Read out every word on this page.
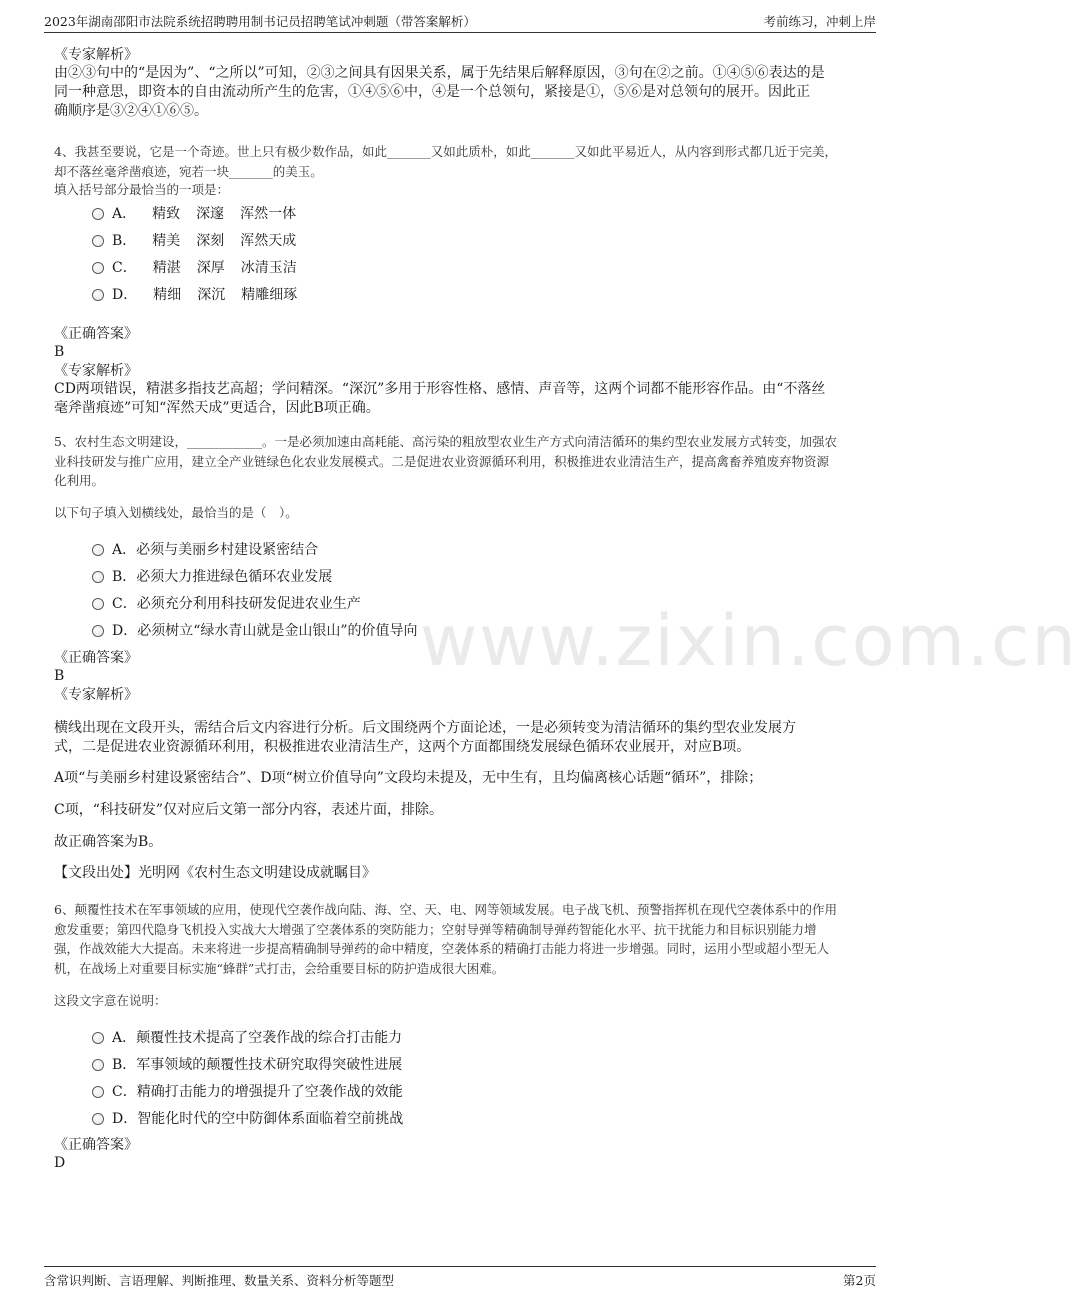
2023年湖南邵阳市法院系统招聘聘用制书记员招聘笔试冲刺题（带答案解析）	考前练习，冲刺上岸
www.zixin.com.cn
《专家解析》
由②③句中的“是因为”、“之所以”可知，②③之间具有因果关系，属于先结果后解释原因，③句在②之前。①④⑤⑥表达的是
同一种意思，即资本的自由流动所产生的危害，①④⑤⑥中，④是一个总领句，紧接是①，⑤⑥是对总领句的展开。因此正
确顺序是③②④①⑥⑤。
4、我甚至要说，它是一个奇迹。世上只有极少数作品，如此_______又如此质朴，如此_______又如此平易近人，从内容到形式都几近于完美，
却不落丝毫斧凿痕迹，宛若一块_______的美玉。
填入括号部分最恰当的一项是：
A． 精致 深邃 浑然一体
B． 精美 深刻 浑然天成
C． 精湛 深厚 冰清玉洁
D． 精细 深沉 精雕细琢
《正确答案》
B
《专家解析》
CD两项错误，精湛多指技艺高超；学问精深。“深沉”多用于形容性格、感情、声音等，这两个词都不能形容作品。由“不落丝
毫斧凿痕迹”可知“浑然天成”更适合，因此B项正确。
5、农村生态文明建设，____________。一是必须加速由高耗能、高污染的粗放型农业生产方式向清洁循环的集约型农业发展方式转变，加强农
业科技研发与推广应用，建立全产业链绿色化农业发展模式。二是促进农业资源循环利用，积极推进农业清洁生产，提高禽畜养殖废弃物资源
化利用。
以下句子填入划横线处，最恰当的是（　）。
A．必须与美丽乡村建设紧密结合
B．必须大力推进绿色循环农业发展
C．必须充分利用科技研发促进农业生产
D．必须树立“绿水青山就是金山银山”的价值导向
《正确答案》
B
《专家解析》
横线出现在文段开头，需结合后文内容进行分析。后文围绕两个方面论述，一是必须转变为清洁循环的集约型农业发展方
式，二是促进农业资源循环利用，积极推进农业清洁生产，这两个方面都围绕发展绿色循环农业展开，对应B项。
A项“与美丽乡村建设紧密结合”、D项“树立价值导向”文段均未提及，无中生有，且均偏离核心话题“循环”，排除；
C项，“科技研发”仅对应后文第一部分内容，表述片面，排除。
故正确答案为B。
【文段出处】光明网《农村生态文明建设成就瞩目》
6、颠覆性技术在军事领域的应用，使现代空袭作战向陆、海、空、天、电、网等领域发展。电子战飞机、预警指挥机在现代空袭体系中的作用
愈发重要；第四代隐身飞机投入实战大大增强了空袭体系的突防能力；空射导弹等精确制导弹药智能化水平、抗干扰能力和目标识别能力增
强，作战效能大大提高。未来将进一步提高精确制导弹药的命中精度，空袭体系的精确打击能力将进一步增强。同时，运用小型或超小型无人
机，在战场上对重要目标实施“蜂群”式打击，会给重要目标的防护造成很大困难。
这段文字意在说明：
A．颠覆性技术提高了空袭作战的综合打击能力
B．军事领域的颠覆性技术研究取得突破性进展
C．精确打击能力的增强提升了空袭作战的效能
D．智能化时代的空中防御体系面临着空前挑战
《正确答案》
D
含常识判断、言语理解、判断推理、数量关系、资料分析等题型	第2页
